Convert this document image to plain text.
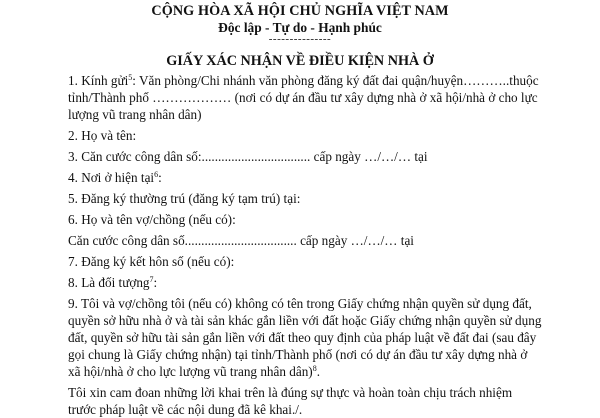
CỘNG HÒA XÃ HỘI CHỦ NGHĨA VIỆT NAM
Độc lập - Tự do - Hạnh phúc
---------------
GIẤY XÁC NHẬN VỀ ĐIỀU KIỆN NHÀ Ở
1. Kính gửi$^5$: Văn phòng/Chi nhánh văn phòng đăng ký đất đai quận/huyện………..thuộc
tỉnh/Thành phố ……………… (nơi có dự án đầu tư xây dựng nhà ở xã hội/nhà ở cho lực
lượng vũ trang nhân dân)
2. Họ và tên:
3. Căn cước công dân số:................................. cấp ngày …/…/… tại
4. Nơi ở hiện tại$^6$:
5. Đăng ký thường trú (đăng ký tạm trú) tại:
6. Họ và tên vợ/chồng (nếu có):
Căn cước công dân số.................................. cấp ngày …/…/… tại
7. Đăng ký kết hôn số (nếu có):
8. Là đối tượng$^7$:
9. Tôi và vợ/chồng tôi (nếu có) không có tên trong Giấy chứng nhận quyền sử dụng đất,
quyền sở hữu nhà ở và tài sản khác gắn liền với đất hoặc Giấy chứng nhận quyền sử dụng
đất, quyền sở hữu tài sản gắn liền với đất theo quy định của pháp luật về đất đai (sau đây
gọi chung là Giấy chứng nhận) tại tỉnh/Thành phố (nơi có dự án đầu tư xây dựng nhà ở
xã hội/nhà ở cho lực lượng vũ trang nhân dân)$^8$.
Tôi xin cam đoan những lời khai trên là đúng sự thực và hoàn toàn chịu trách nhiệm
trước pháp luật về các nội dung đã kê khai./.
